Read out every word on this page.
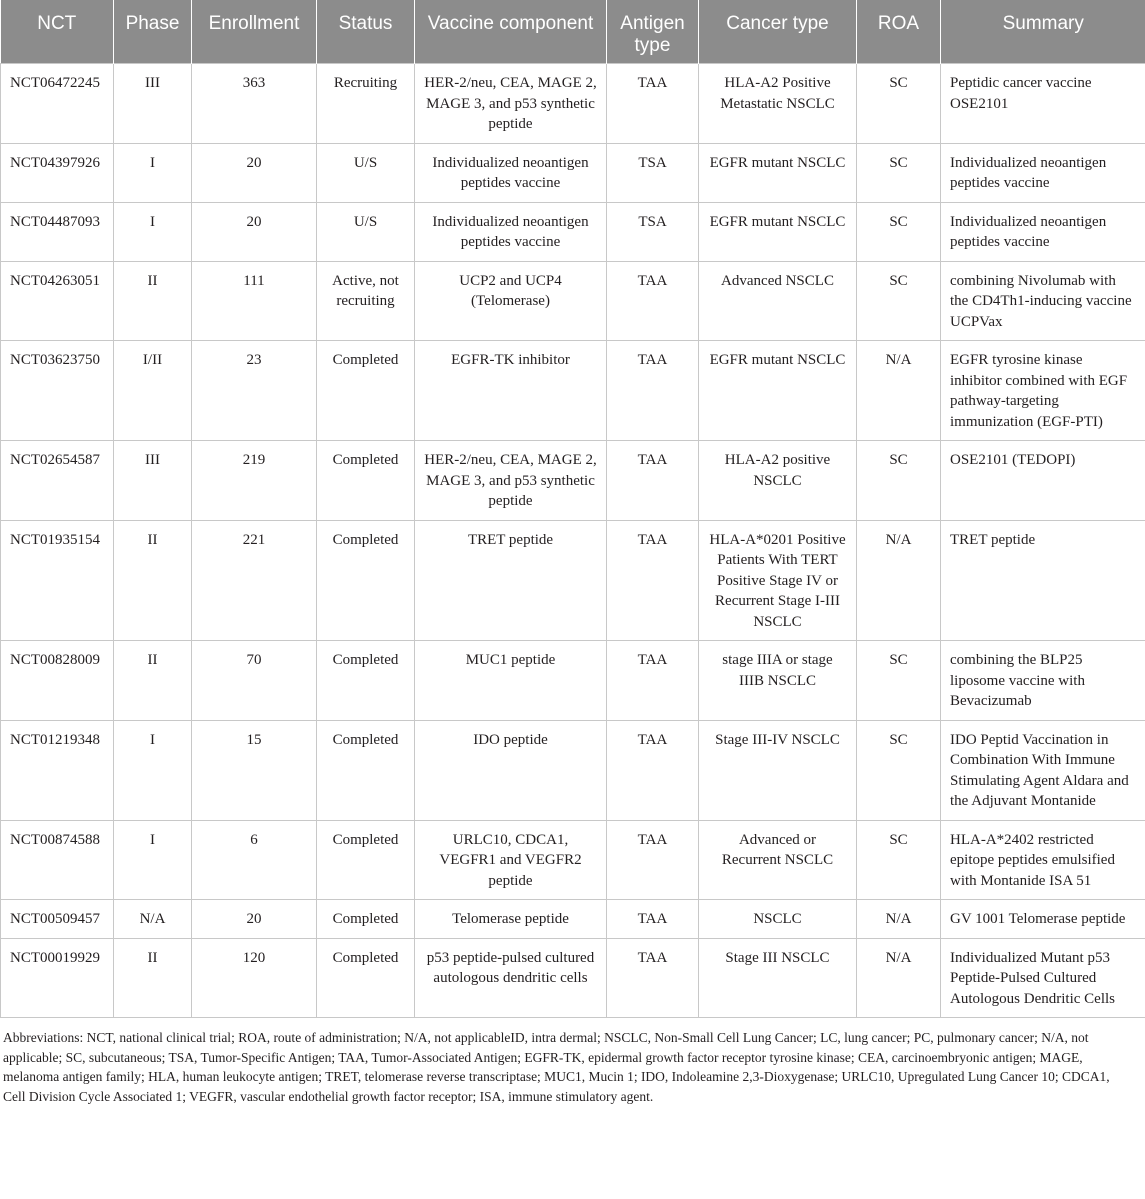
NCT	Phase	Enrollment	Status	Vaccine component	Antigen type	Cancer type	ROA	Summary
NCT06472245	III	363	Recruiting	HER-2/neu, CEA, MAGE 2, MAGE 3, and p53 synthetic peptide	TAA	HLA-A2 Positive Metastatic NSCLC	SC	Peptidic cancer vaccine OSE2101
NCT04397926	I	20	U/S	Individualized neoantigen peptides vaccine	TSA	EGFR mutant NSCLC	SC	Individualized neoantigen peptides vaccine
NCT04487093	I	20	U/S	Individualized neoantigen peptides vaccine	TSA	EGFR mutant NSCLC	SC	Individualized neoantigen peptides vaccine
NCT04263051	II	111	Active, not recruiting	UCP2 and UCP4 (Telomerase)	TAA	Advanced NSCLC	SC	combining Nivolumab with the CD4Th1-inducing vaccine UCPVax
NCT03623750	I/II	23	Completed	EGFR-TK inhibitor	TAA	EGFR mutant NSCLC	N/A	EGFR tyrosine kinase inhibitor combined with EGF pathway-targeting immunization (EGF-PTI)
NCT02654587	III	219	Completed	HER-2/neu, CEA, MAGE 2, MAGE 3, and p53 synthetic peptide	TAA	HLA-A2 positive NSCLC	SC	OSE2101 (TEDOPI)
NCT01935154	II	221	Completed	TRET peptide	TAA	HLA-A*0201 Positive Patients With TERT Positive Stage IV or Recurrent Stage I-III NSCLC	N/A	TRET peptide
NCT00828009	II	70	Completed	MUC1 peptide	TAA	stage IIIA or stage IIIB NSCLC	SC	combining the BLP25 liposome vaccine with Bevacizumab
NCT01219348	I	15	Completed	IDO peptide	TAA	Stage III-IV NSCLC	SC	IDO Peptid Vaccination in Combination With Immune Stimulating Agent Aldara and the Adjuvant Montanide
NCT00874588	I	6	Completed	URLC10, CDCA1, VEGFR1 and VEGFR2 peptide	TAA	Advanced or Recurrent NSCLC	SC	HLA-A*2402 restricted epitope peptides emulsified with Montanide ISA 51
NCT00509457	N/A	20	Completed	Telomerase peptide	TAA	NSCLC	N/A	GV 1001 Telomerase peptide
NCT00019929	II	120	Completed	p53 peptide-pulsed cultured autologous dendritic cells	TAA	Stage III NSCLC	N/A	Individualized Mutant p53 Peptide-Pulsed Cultured Autologous Dendritic Cells
Abbreviations: NCT, national clinical trial; ROA, route of administration; N/A, not applicableID, intra dermal; NSCLC, Non-Small Cell Lung Cancer; LC, lung cancer; PC, pulmonary cancer; N/A, not applicable; SC, subcutaneous; TSA, Tumor-Specific Antigen; TAA, Tumor-Associated Antigen; EGFR-TK, epidermal growth factor receptor tyrosine kinase; CEA, carcinoembryonic antigen; MAGE, melanoma antigen family; HLA, human leukocyte antigen; TRET, telomerase reverse transcriptase; MUC1, Mucin 1; IDO, Indoleamine 2,3-Dioxygenase; URLC10, Upregulated Lung Cancer 10; CDCA1, Cell Division Cycle Associated 1; VEGFR, vascular endothelial growth factor receptor; ISA, immune stimulatory agent.
